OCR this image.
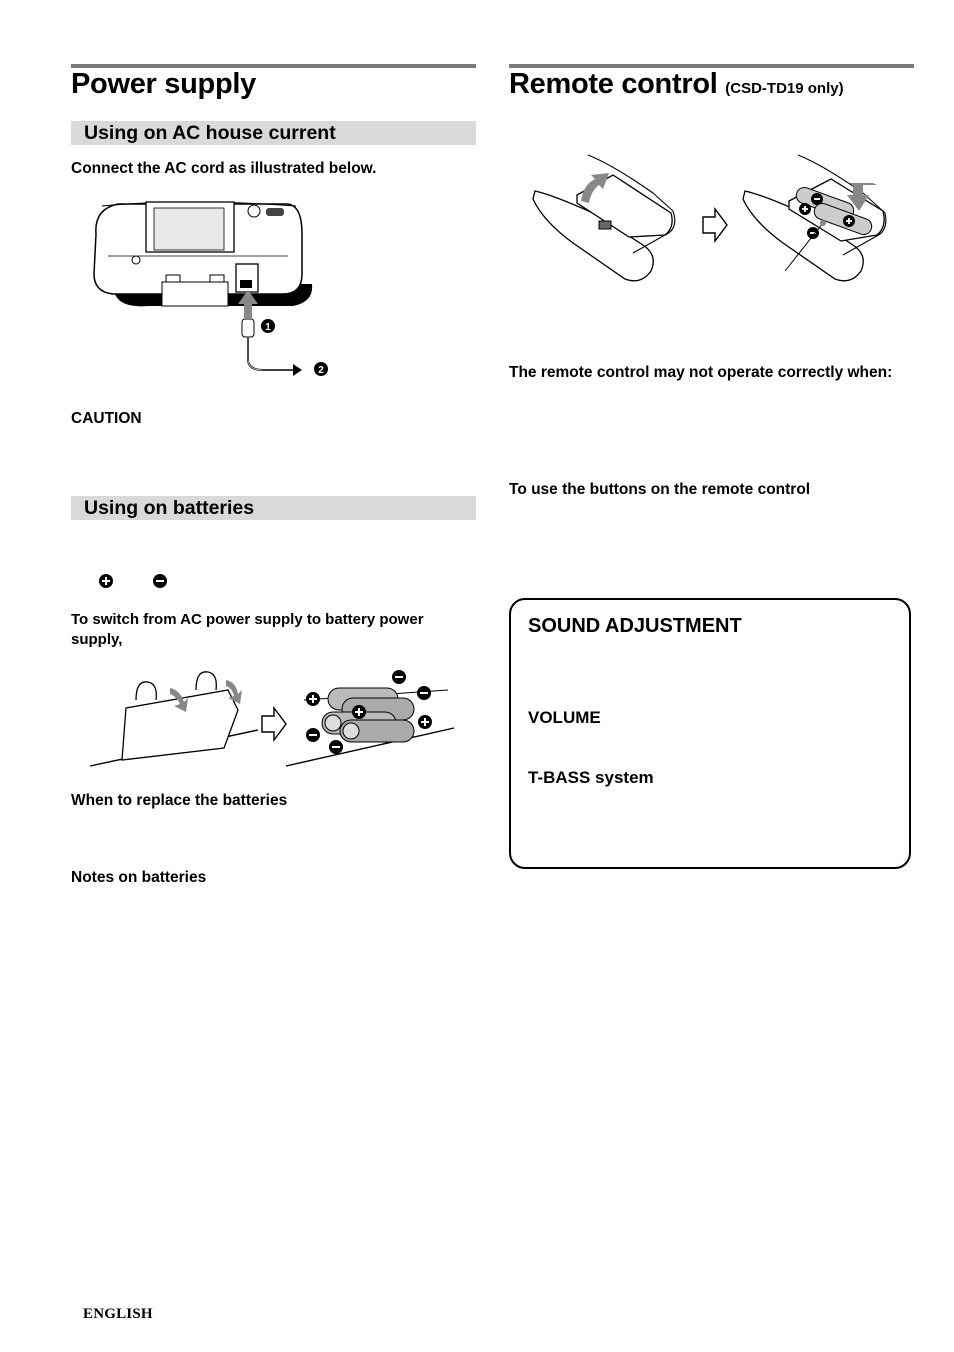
Power supply
Using on AC house current
Connect the AC cord as illustrated below.
1
2
CAUTION
Using on batteries
To switch from AC power supply to battery power supply,
When to replace the batteries
Notes on batteries
Remote control (CSD-TD19 only)
The remote control may not operate correctly when:
To use the buttons on the remote control
SOUND ADJUSTMENT
VOLUME
T-BASS system
ENGLISH
